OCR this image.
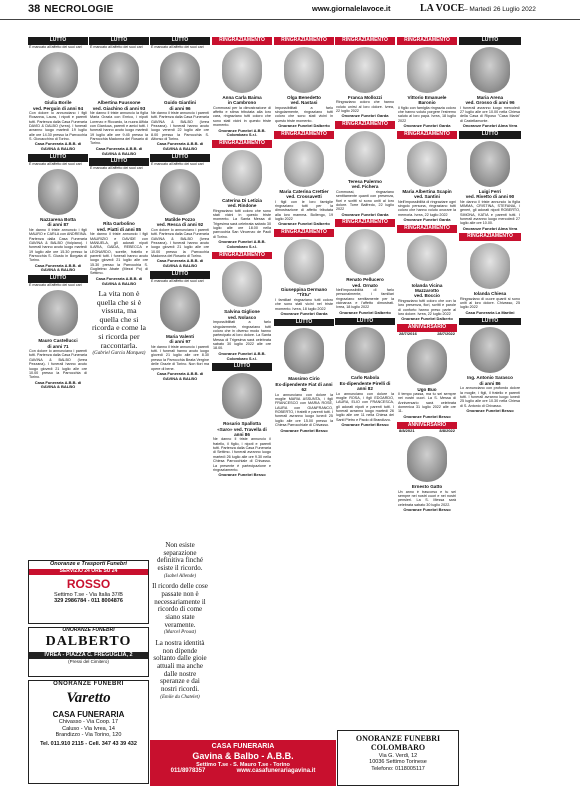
38 NECROLOGIE	www.giornalelavoce.it	LA VOCE – Martedì 26 Luglio 2022
LUTTO
È mancato all'affetto dei suoi cari
Giulia Borile
ved. Perguin di anni 94
Con dolore lo annunciano i figli Rosanna, Laura, i nipoti e parenti tutti. Partenza dalla Casa Funeraria DAVID & DALBO (Ivrea). I funerali avranno luogo martedì 19 luglio alle ore 14.30 presso la Parrocchia S. Giovacchino di Torino.
Casa Funeraria A.B.B. di GAVINA & BALBO
LUTTO
È mancato all'affetto dei suoi cari
Nazzarena Botta
di anni 87
Ne danno il triste annuncio i figli MAURO e CARLA con ANDREINA. Partenza dalla Casa Funeraria GAVINA & BALBO (Volpiano). I funerali hanno avuto luogo martedì 19 luglio alle ore 15.30 presso la Parrocchia S. Giusto in Borgata di Torino.
Casa Funeraria A.B.B. di GAVINA & BALBO
LUTTO
È mancato all'affetto dei suoi cari
Mauro Castellucci
di anni 71
Con dolore lo annunciano i parenti tutti. Partenza dalla Casa Funeraria GAVINA & BALBO (Ivrea Pezzana). I funerali hanno avuto luogo giovedì 21 luglio alle ore 10.00 presso la Parrocchia di Torino.
Casa Funeraria A.B.B. di GAVINA & BALBO
LUTTO
È mancato all'affetto dei suoi cari
Albertina Fuussone
ved. Giachino di anni 93
Ne danno il triste annuncio la figlia Maria Grazia con Enrico, i nipoti Lorenzo e Riccardo, la nuora Alfida con Gianluca, parenti e amici tutti. I funerali hanno avuto luogo martedì 19 luglio alle ore 9.45 presso la Parrocchia Madonna del Rosario di Torino.
Casa Funeraria A.B.B. di GAVINA & BALBO
LUTTO
È mancato all'affetto dei suoi cari
Rita Garbolino
ved. Piatti di anni 85
Ne danno il triste annuncio i figli MAURIZIO e DAVIDE con MANUELA, gli adorati nipoti ILARIA, GAIDA, REBECCA e LEONARDO, sorelle, fratello e parenti tutti. I funerali hanno avuto luogo giovedì 21 luglio alle ore 15.30 presso la Parrocchia S. Guglielmo Abate (Mezzi Po) di Settimo.
Casa Funeraria A.B.B. di GAVINA & BALBO
La vita non è quella che si è vissuta, ma quella che si ricorda e come la si ricorda per raccontarla.
(Gabriel Garcia Marquez)
LUTTO
È mancato all'affetto dei suoi cari
Guido Giardini
di anni 96
Ne danno il triste annuncio i parenti tutti. Partenza dalla Casa Funeraria GAVINA & BALBO (Ivrea Pezzana). I funerali hanno avuto luogo venerdì 22 luglio alle ore 8.00 presso la Parrocchia S. Alfonso di Torino.
Casa Funeraria A.B.B. di GAVINA & BALBO
LUTTO
È mancato all'affetto dei suoi cari
Matilde Pozzo
ved. Resca di anni 92
Con dolore lo annunciano i parenti tutti. Partenza dalla Casa Funeraria GAVINA & BALBO (Ivrea Pezzana). I funerali hanno avuto luogo giovedì 21 luglio alle ore 10.00 presso la Parrocchia Madonna del Rosario di Torino.
Casa Funeraria A.B.B. di GAVINA & BALBO
LUTTO
È mancato all'affetto dei suoi cari
Maria Valenti
di anni 97
Ne danno il triste annuncio i parenti tutti. I funerali hanno avuto luogo giovedì 21 luglio alle ore 8.30 presso la Parrocchia Beata Vergine delle Grazie di Torino. Non fiori ma opere di bene.
Casa Funeraria A.B.B. di GAVINA & BALBO
Non esiste separazione definitiva finché esiste il ricordo.
(Isabel Allende)
Il ricordo delle cose passate non è necessariamente il ricordo di come siano state veramente.
(Marcel Proust)
La nostra identità non dipende soltanto dalle gioie attuali ma anche dalle nostre speranze e dai nostri ricordi.
(Emile du Chatelet)
RINGRAZIAMENTO
Anna Carla Baima
in Cambrono
Commossi per la dimostrazione di affetto e stima tributata alla loro cara, ringraziano tutti coloro che sono stati vicini in questo triste momento.
Onoranze Funebri A.B.B. Colombaro S.r.l.
RINGRAZIAMENTO
Caterina Di Letizia
ved. Rindone
Ringraziano tutti coloro che sono stati vicini in questo triste momento. La Santa Messa di Trigesima sarà celebrata sabato 30 luglio alle ore 18.00 nella parrocchia San Vincenzo de Paoli di Torino.
Onoranze Funebri A.B.B. Colombaro S.r.l.
RINGRAZIAMENTO
Salvina Giglione
ved. Nolasco
Impossibilitati a farlo singolarmente, ringraziano tutti coloro che in diverso modo hanno partecipato al loro dolore. La Santa Messa di Trigesima sarà celebrata sabato 30 luglio 2022 alle ore 18.00.
Onoranze Funebri A.B.B. Colombaro S.r.l.
LUTTO
Rosario Spallotta
«Saro» ved. Travella di anni 86
Ne danno il triste annuncio il fratello, il figlio, i nipoti e parenti tutti. Partenza dalla Casa Funeraria di Settimo. I funerali avranno luogo martedì 26 luglio alle ore 9.30 nella Chiesa Parrocchiale di Chivasso. La presente è partecipazione e ringraziamento.
Onoranze Funebri Besso
RINGRAZIAMENTO
Olga Benedetto
ved. Nastasi
Impossibilitati a farlo singolarmente, ringraziano tutti coloro che sono stati vicini in questo triste momento.
Onoranze Funebri Dalberto
RINGRAZIAMENTO
Maria Caterina Crettier
ved. Crossavetti
I figli con le loro famiglie ringraziano tutti per la dimostrazione di affetto tributata alla loro mamma. Bollengo, 19 luglio 2022
Onoranze Funebri Dalberto
RINGRAZIAMENTO
Giuseppina Dermano
"Tittu"
I familiari ringraziano tutti coloro che sono stati vicini nel triste momento. Ivrea, 18 luglio 2022
Onoranze Funebri Garda
LUTTO
Massimo Cirio
Ex-dipendente Fiat di anni 62
Lo annunciano con dolore la moglie MARIA ASSUNTA, i figli FRANCESCO con MARIA ROSE, LAURA con GIANFRANCO, ROBERTO, i fratelli e parenti tutti. I funerali avranno luogo lunedì 25 luglio alle ore 15.00 presso la Chiesa Parrocchiale di Chivasso.
Onoranze Funebri Besso
RINGRAZIAMENTO
Franca Mollozzi
Ringraziano coloro che hanno voluto unirsi al loro dolore. Ivrea, 22 luglio 2022
Onoranze Funebri Garda
RINGRAZIAMENTO
Teresa Palermo
ved. Fichera
Commossi, ringraziano sentitamente quanti con presenza, fiori e scritti si sono uniti al loro dolore. Torre Balfredo, 22 luglio 2022
Onoranze Funebri Garda
RINGRAZIAMENTO
Renato Pellucero
ved. Ornato
Nell'impossibilità di farlo personalmente, i familiari ringraziano sentitamente per la vicinanza e l'affetto dimostrati. Ivrea, 18 luglio 2022
Onoranze Funebri Dalberto
LUTTO
Carlo Rabola
Ex-dipendente Pirelli di anni 82
Lo annunciano con dolore la moglie ROSA, i figli EDOARDO, LAURA, ELIO con FRANCESCA, gli adorati nipoti e parenti tutti. I funerali avranno luogo martedì 26 luglio alle ore 11 nella Chiesa dei Santi Pietro e Paolo di Brandizzo.
Onoranze Funebri Besso
RINGRAZIAMENTO
Vittorio Emanuele
Baronio
Il figlio con famiglia ringrazia coloro che hanno voluto porgere l'estremo saluto al loro papà. Ivrea, 18 luglio 2022
Onoranze Funebri Garda
RINGRAZIAMENTO
Maria Albertina Scapin
ved. Santini
Nell'impossibilità di ringraziare ogni singolo persona, ringraziano tutti coloro che hanno voluto onorare la memoria. Ivrea, 22 luglio 2022
Onoranze Funebri Garda
RINGRAZIAMENTO
Iolanda Vicina
Mazzarotto
ved. Boccio
Ringraziano tutti coloro che con la loro presenza, fiori, scritti e parole di conforto hanno preso parte al loro dolore. Ivrea, 22 luglio 2022
Onoranze Funebri Dalberto
ANNIVERSARIO
28/7/2016	28/7/2022
Ugo Buo
Il tempo passa, ma tu sei sempre nei nostri cuori. La S. Messa di Anniversario sarà celebrata domenica 31 luglio 2022 alle ore 11.
Onoranze Funebri Besso
ANNIVERSARIO
8/8/2021	8/8/2022
Ernesto Gatto
Un anno è trascorso e tu sei sempre nei nostri cuori e nei nostri pensieri. La S. Messa sarà celebrata sabato 30 luglio 2022.
Onoranze Funebri Besso
LUTTO
Maria Arena
ved. Grosso di anni 96
I funerali avranno luogo mercoledì 27 luglio alle ore 10.00 nella Chiesa della Casa di Riposo "Casa Maria" di Castellamonte.
Onoranze Funebri Alma Vera
LUTTO
Luigi Ferri
ved. Rivetto di anni 90
Ne danno il triste annuncio la figlia MIMMA, CRISTINA, STEFANIA, i generi, gli adorati nipoti ROBERTO, SIMONA, KATIA e parenti tutti. I funerali avranno luogo mercoledì 27 luglio alle ore 10.00.
Onoranze Funebri Alma Vera
RINGRAZIAMENTO
Iolanda Chiesa
Ringraziano di cuore quanti si sono uniti al loro dolore. Chivasso, 25 luglio 2022
Casa Funeraria La Martini
LUTTO
Ing. Antonio Sarasco
di anni 86
Lo annunciano con profondo dolore la moglie, i figli, il fratello e parenti tutti. I funerali avranno luogo lunedì 25 luglio alle ore 10.30 nella Chiesa di S. Antonio di Chivasso.
Onoranze Funebri Besso
Onoranze e Trasporti Funebri
SERVIZIO 24 ORE SU 24
ROSSO
Settimo T.se - Via Italia 37/B
329 2986784 - 011 8004876
ONORANZE FUNEBRI
DALBERTO
IVREA - PIAZZA C. FREGUGLIA, 2
(Pressi del Cimitero)
ONORANZE FUNEBRI
Varetto
CASA FUNERARIA
Chivasso - Via Coop. 17
Caluso - Via Ivrea, 14
Brandizzo - Via Torino, 120
Tel. 011.910 2115 - Cell. 347 43 39 432	CASA FUNERARIA
Gavina & Balbo - A.B.B.
Settimo T.se - S. Mauro T.se - Torino
011/8978357	www.casafunerariagavina.it
ONORANZE FUNEBRI
COLOMBARO
Via G. Verdi, 12
10036 Settimo Torinese
Telefono: 0118005117
